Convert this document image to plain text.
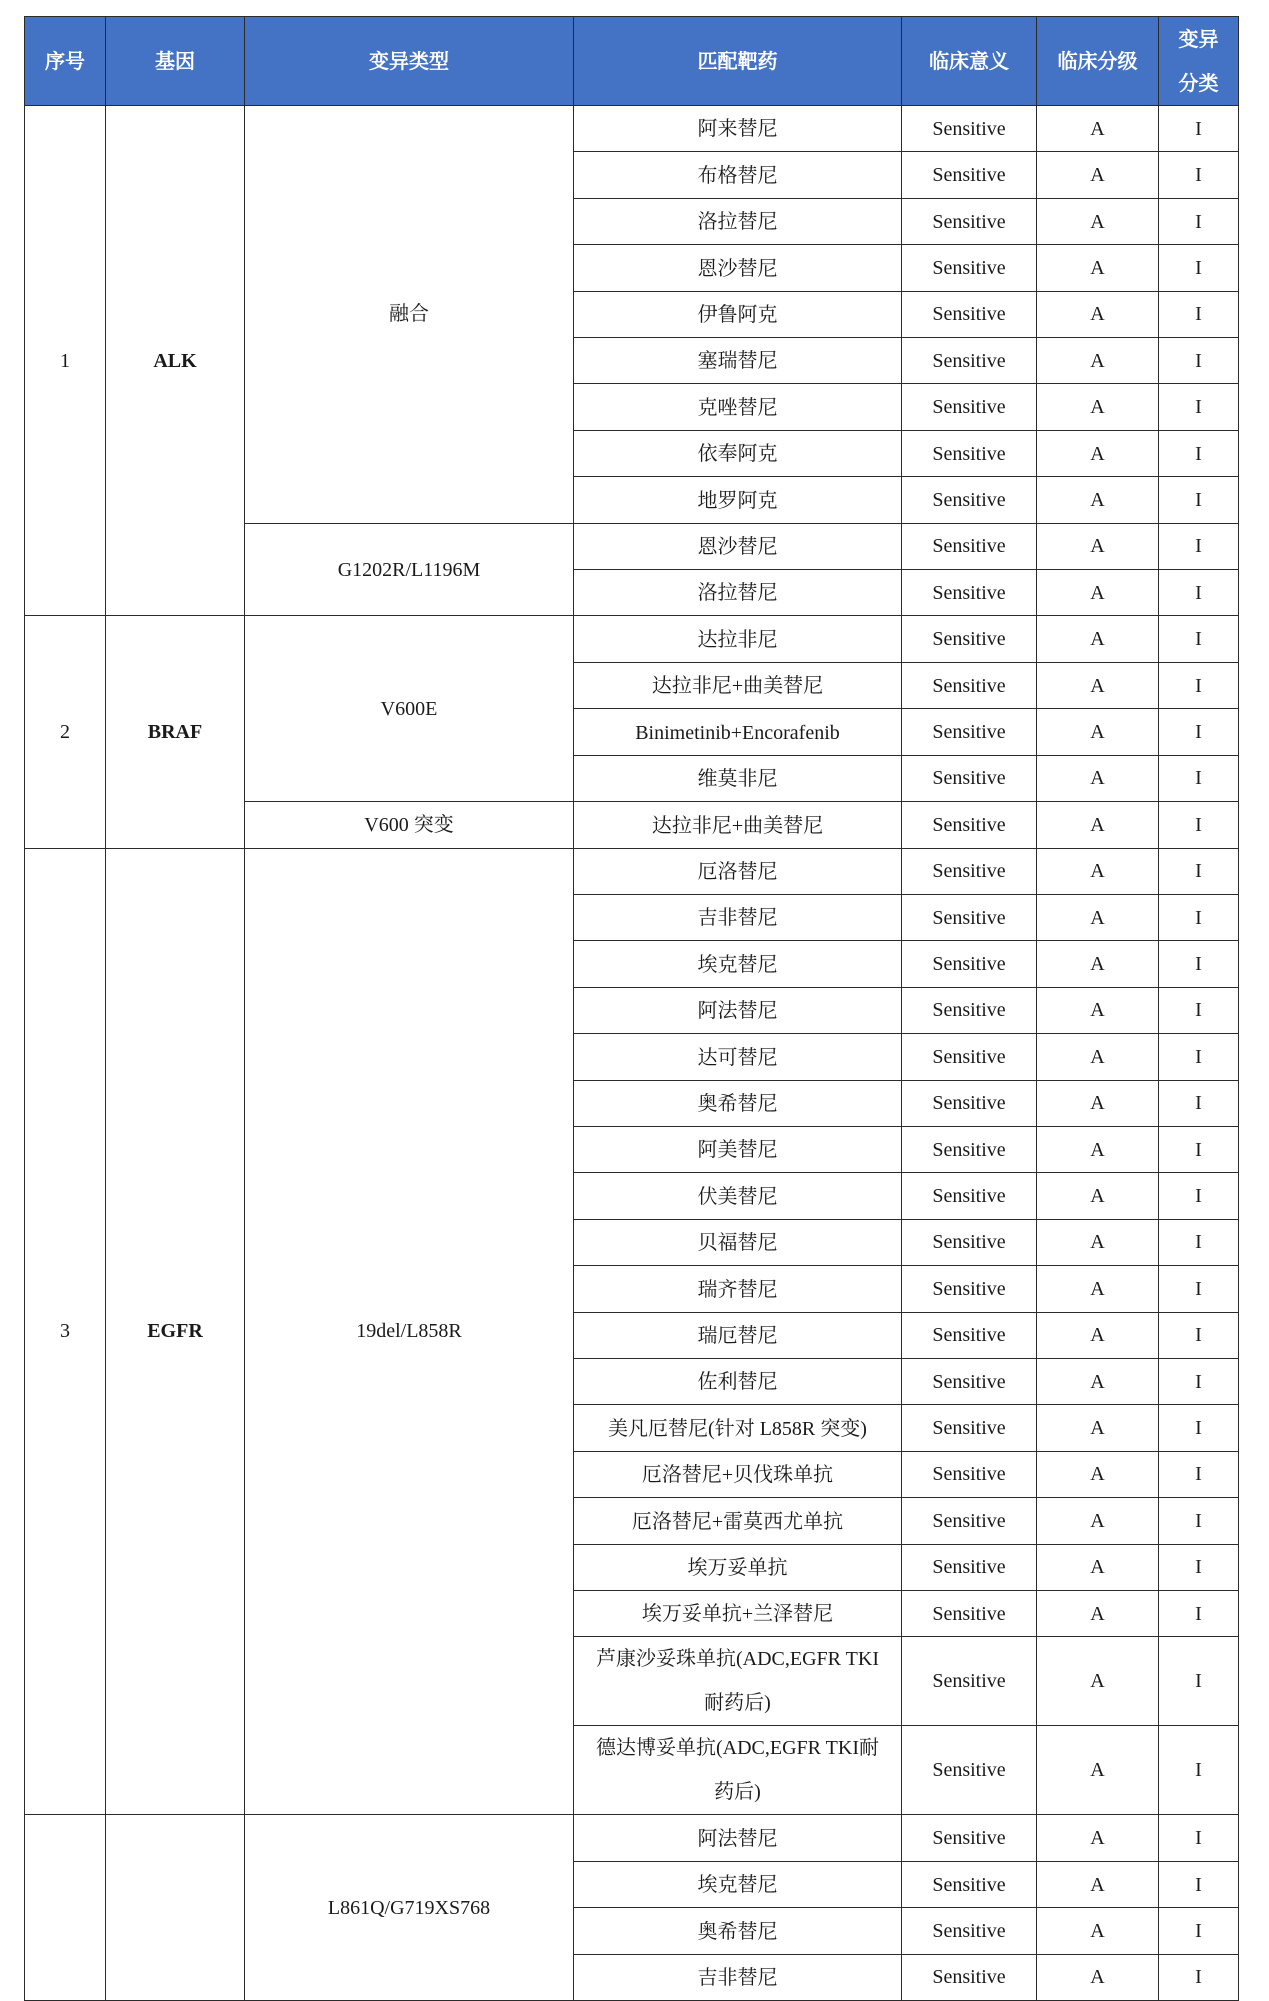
序号	基因	变异类型	匹配靶药	临床意义	临床分级	变异分类
1	ALK	融合	阿来替尼	Sensitive	A	I
			布格替尼	Sensitive	A	I
			洛拉替尼	Sensitive	A	I
			恩沙替尼	Sensitive	A	I
			伊鲁阿克	Sensitive	A	I
			塞瑞替尼	Sensitive	A	I
			克唑替尼	Sensitive	A	I
			依奉阿克	Sensitive	A	I
			地罗阿克	Sensitive	A	I
		G1202R/L1196M	恩沙替尼	Sensitive	A	I
			洛拉替尼	Sensitive	A	I
2	BRAF	V600E	达拉非尼	Sensitive	A	I
			达拉非尼+曲美替尼	Sensitive	A	I
			Binimetinib+Encorafenib	Sensitive	A	I
			维莫非尼	Sensitive	A	I
		V600 突变	达拉非尼+曲美替尼	Sensitive	A	I
3	EGFR	19del/L858R	厄洛替尼	Sensitive	A	I
			吉非替尼	Sensitive	A	I
			埃克替尼	Sensitive	A	I
			阿法替尼	Sensitive	A	I
			达可替尼	Sensitive	A	I
			奥希替尼	Sensitive	A	I
			阿美替尼	Sensitive	A	I
			伏美替尼	Sensitive	A	I
			贝福替尼	Sensitive	A	I
			瑞齐替尼	Sensitive	A	I
			瑞厄替尼	Sensitive	A	I
			佐利替尼	Sensitive	A	I
			美凡厄替尼(针对 L858R 突变)	Sensitive	A	I
			厄洛替尼+贝伐珠单抗	Sensitive	A	I
			厄洛替尼+雷莫西尤单抗	Sensitive	A	I
			埃万妥单抗	Sensitive	A	I
			埃万妥单抗+兰泽替尼	Sensitive	A	I
			芦康沙妥珠单抗(ADC,EGFR TKI耐药后)	Sensitive	A	I
			德达博妥单抗(ADC,EGFR TKI耐药后)	Sensitive	A	I
		L861Q/G719XS768	阿法替尼	Sensitive	A	I
			埃克替尼	Sensitive	A	I
			奥希替尼	Sensitive	A	I
			吉非替尼	Sensitive	A	I
